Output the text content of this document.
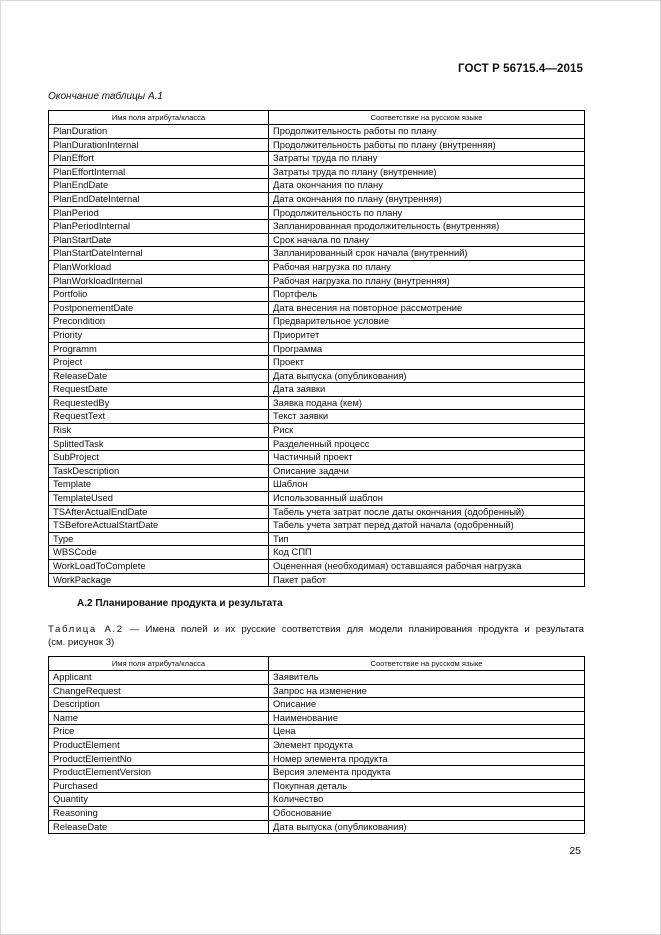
ГОСТ Р 56715.4—2015
Окончание таблицы А.1
Имя поля атрибута/класса	Соответствие на русском языке
PlanDuration	Продолжительность работы по плану
PlanDurationInternal	Продолжительность работы по плану (внутренняя)
PlanEffort	Затраты труда по плану
PlanEffortInternal	Затраты труда по плану (внутренние)
PlanEndDate	Дата окончания по плану
PlanEndDateInternal	Дата окончания по плану (внутренняя)
PlanPeriod	Продолжительность по плану
PlanPeriodInternal	Запланированная продолжительность (внутренняя)
PlanStartDate	Срок начала по плану
PlanStartDateInternal	Запланированный срок начала (внутренний)
PlanWorkload	Рабочая нагрузка по плану
PlanWorkloadInternal	Рабочая нагрузка по плану (внутренняя)
Portfolio	Портфель
PostponementDate	Дата внесения на повторное рассмотрение
Precondition	Предварительное условие
Priority	Приоритет
Programm	Программа
Project	Проект
ReleaseDate	Дата выпуска (опубликования)
RequestDate	Дата заявки
RequestedBy	Заявка подана (кем)
RequestText	Текст заявки
Risk	Риск
SplittedTask	Разделенный процесс
SubProject	Частичный проект
TaskDescription	Описание задачи
Template	Шаблон
TemplateUsed	Использованный шаблон
TSAfterActualEndDate	Табель учета затрат после даты окончания (одобренный)
TSBeforeActualStartDate	Табель учета затрат перед датой начала (одобренный)
Type	Тип
WBSCode	Код СПП
WorkLoadToComplete	Оцененная (необходимая) оставшаяся рабочая нагрузка
WorkPackage	Пакет работ
А.2 Планирование продукта и результата
Таблица А.2 — Имена полей и их русские соответствия для модели планирования продукта и результата
(см. рисунок 3)
Имя поля атрибута/класса	Соответствие на русском языке
Applicant	Заявитель
ChangeRequest	Запрос на изменение
Description	Описание
Name	Наименование
Price	Цена
ProductElement	Элемент продукта
ProductElementNo	Номер элемента продукта
ProductElementVersion	Версия элемента продукта
Purchased	Покупная деталь
Quantity	Количество
Reasoning	Обоснование
ReleaseDate	Дата выпуска (опубликования)
25
